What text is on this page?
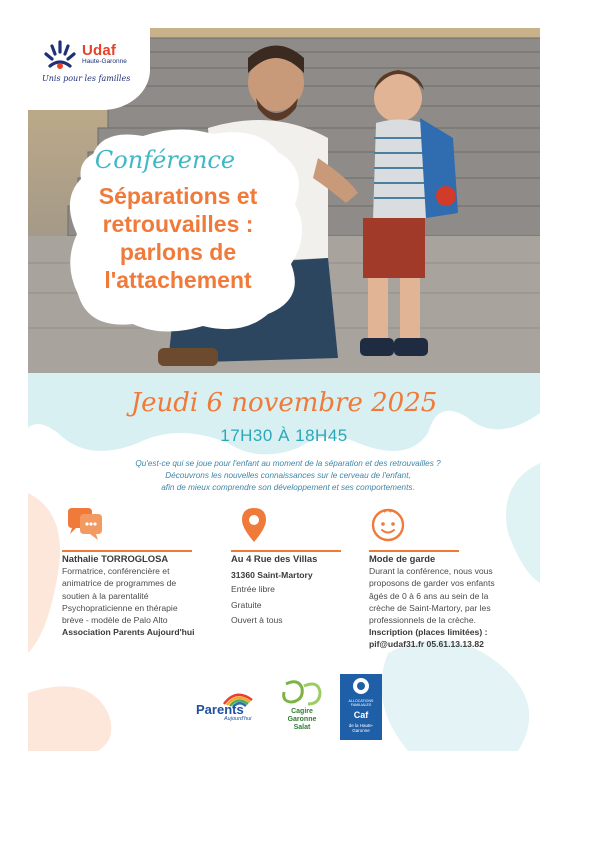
Udaf
Haute-Garonne
Unis pour les familles
Conférence
Séparations et
retrouvailles :
parlons de
l'attachement
Jeudi 6 novembre 2025
17H30 À 18H45
Qu'est-ce qui se joue pour l'enfant au moment de la séparation et des retrouvailles ?
Découvrons les nouvelles connaissances sur le cerveau de l'enfant,
afin de mieux comprendre son développement et ses comportements.
Nathalie TORROGLOSA
Formatrice, conférencière et
animatrice de programmes de
soutien à la parentalité
Psychopraticienne en thérapie
brève - modèle de Palo Alto
Association Parents Aujourd'hui
Au 4 Rue des Villas
31360 Saint-Martory
Entrée libre
Gratuite
Ouvert à tous
Mode de garde
Durant la conférence, nous vous
proposons de garder vos enfants
âgés de 0 à 6 ans au sein de la
crèche de Saint-Martory, par les
professionnels de la crèche.
Inscription (places limitées) :
pif@udaf31.fr 05.61.13.13.82
Parents
Aujourd'hui
Cagire
Garonne
Salat
ALLOCATIONS FAMILIALES
Caf
de la Haute-Garonne
